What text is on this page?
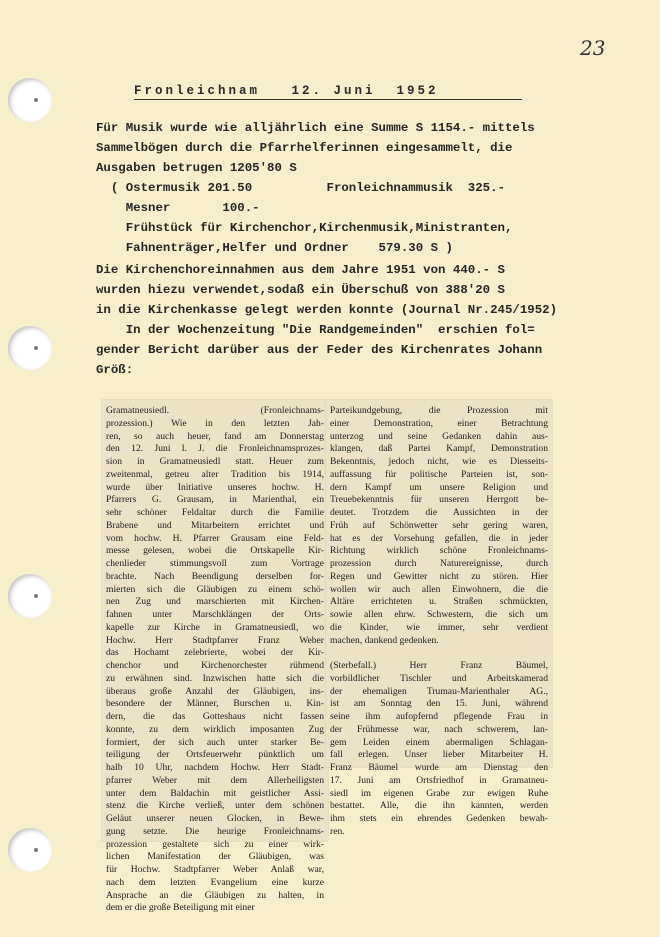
23
Fronleichnam   12. Juni  1952
Für Musik wurde wie alljährlich eine Summe S 1154.- mittels
Sammelbögen durch die Pfarrhelferinnen eingesammelt, die
Ausgaben betrugen 1205'80 S
( Ostermusik 201.50          Fronleichnammusik  325.-
Mesner       100.-
Frühstück für Kirchenchor,Kirchenmusik,Ministranten,
Fahnenträger,Helfer und Ordner    579.30 S )
Die Kirchenchoreinnahmen aus dem Jahre 1951 von 440.- S
wurden hiezu verwendet,sodaß ein Überschuß von 388'20 S
in die Kirchenkasse gelegt werden konnte (Journal Nr.245/1952)
In der Wochenzeitung "Die Randgemeinden"  erschien fol=
gender Bericht darüber aus der Feder des Kirchenrates Johann
Größ:
Gramatneusiedl. (Fronleichnams-
prozession.) Wie in den letzten Jah-
ren, so auch heuer, fand am Donnerstag
den 12. Juni l. J. die Fronleichnamsprozes-
sion in Gramatneusiedl statt. Heuer zum
zweitenmal, getreu alter Tradition bis 1914,
wurde über Initiative unseres hochw. H.
Pfarrers G. Grausam, in Marienthal, ein
sehr schöner Feldaltar durch die Familie
Brabene und Mitarbeitern errichtet und
vom hochw. H. Pfarrer Grausam eine Feld-
messe gelesen, wobei die Ortskapelle Kir-
chenlieder stimmungsvoll zum Vortrage
brachte. Nach Beendigung derselben for-
mierten sich die Gläubigen zu einem schö-
nen Zug und marschierten mit Kirchen-
fahnen unter Marschklängen der Orts-
kapelle zur Kirche in Gramatneusiedl, wo
Hochw. Herr Stadtpfarrer Franz Weber
das Hochamt zelebrierte, wobei der Kir-
chenchor und Kirchenorchester rühmend
zu erwähnen sind. Inzwischen hatte sich die
überaus große Anzahl der Gläubigen, ins-
besondere der Männer, Burschen u. Kin-
dern, die das Gotteshaus nicht fassen
konnte, zu dem wirklich imposanten Zug
formiert, der sich auch unter starker Be-
teiligung der Ortsfeuerwehr pünktlich um
halb 10 Uhr, nachdem Hochw. Herr Stadt-
pfarrer Weber mit dem Allerheiligsten
unter dem Baldachin mit geistlicher Assi-
stenz die Kirche verließ, unter dem schönen
Geläut unserer neuen Glocken, in Bewe-
gung setzte. Die heurige Fronleichnams-
prozession gestaltete sich zu einer wirk-
lichen Manifestation der Gläubigen, was
für Hochw. Stadtpfarrer Weber Anlaß war,
nach dem letzten Evangelium eine kurze
Ansprache an die Gläubigen zu halten, in
dem er die große Beteiligung mit einer
Parteikundgebung, die Prozession mit
einer Demonstration, einer Betrachtung
unterzog und seine Gedanken dahin aus-
klangen, daß Partei Kampf, Demonstration
Bekenntnis, jedoch nicht, wie es Diesseits-
auffassung für politische Parteien ist, son-
dern Kampf um unsere Religion und
Treuebekenntnis für unseren Herrgott be-
deutet. Trotzdem die Aussichten in der
Früh auf Schönwetter sehr gering waren,
hat es der Vorsehung gefallen, die in jeder
Richtung wirklich schöne Fronleichnams-
prozession durch Naturereignisse, durch
Regen und Gewitter nicht zu stören. Hier
wollen wir auch allen Einwohnern, die die
Altäre errichteten u. Straßen schmückten,
sowie allen ehrw. Schwestern, die sich um
die Kinder, wie immer, sehr verdient
machen, dankend gedenken.
(Sterbefall.) Herr Franz Bäumel,
vorbildlicher Tischler und Arbeitskamerad
der ehemaligen Trumau-Marienthaler AG.,
ist am Sonntag den 15. Juni, während
seine ihm aufopfernd pflegende Frau in
der Frühmesse war, nach schwerem, lan-
gem Leiden einem abermaligen Schlagan-
fall erlegen. Unser lieber Mitarbeiter H.
Franz Bäumel wurde am Dienstag den
17. Juni am Ortsfriedhof in Gramatneu-
siedl im eigenen Grabe zur ewigen Ruhe
bestattet. Alle, die ihn kannten, werden
ihm stets ein ehrendes Gedenken bewah-
ren.
